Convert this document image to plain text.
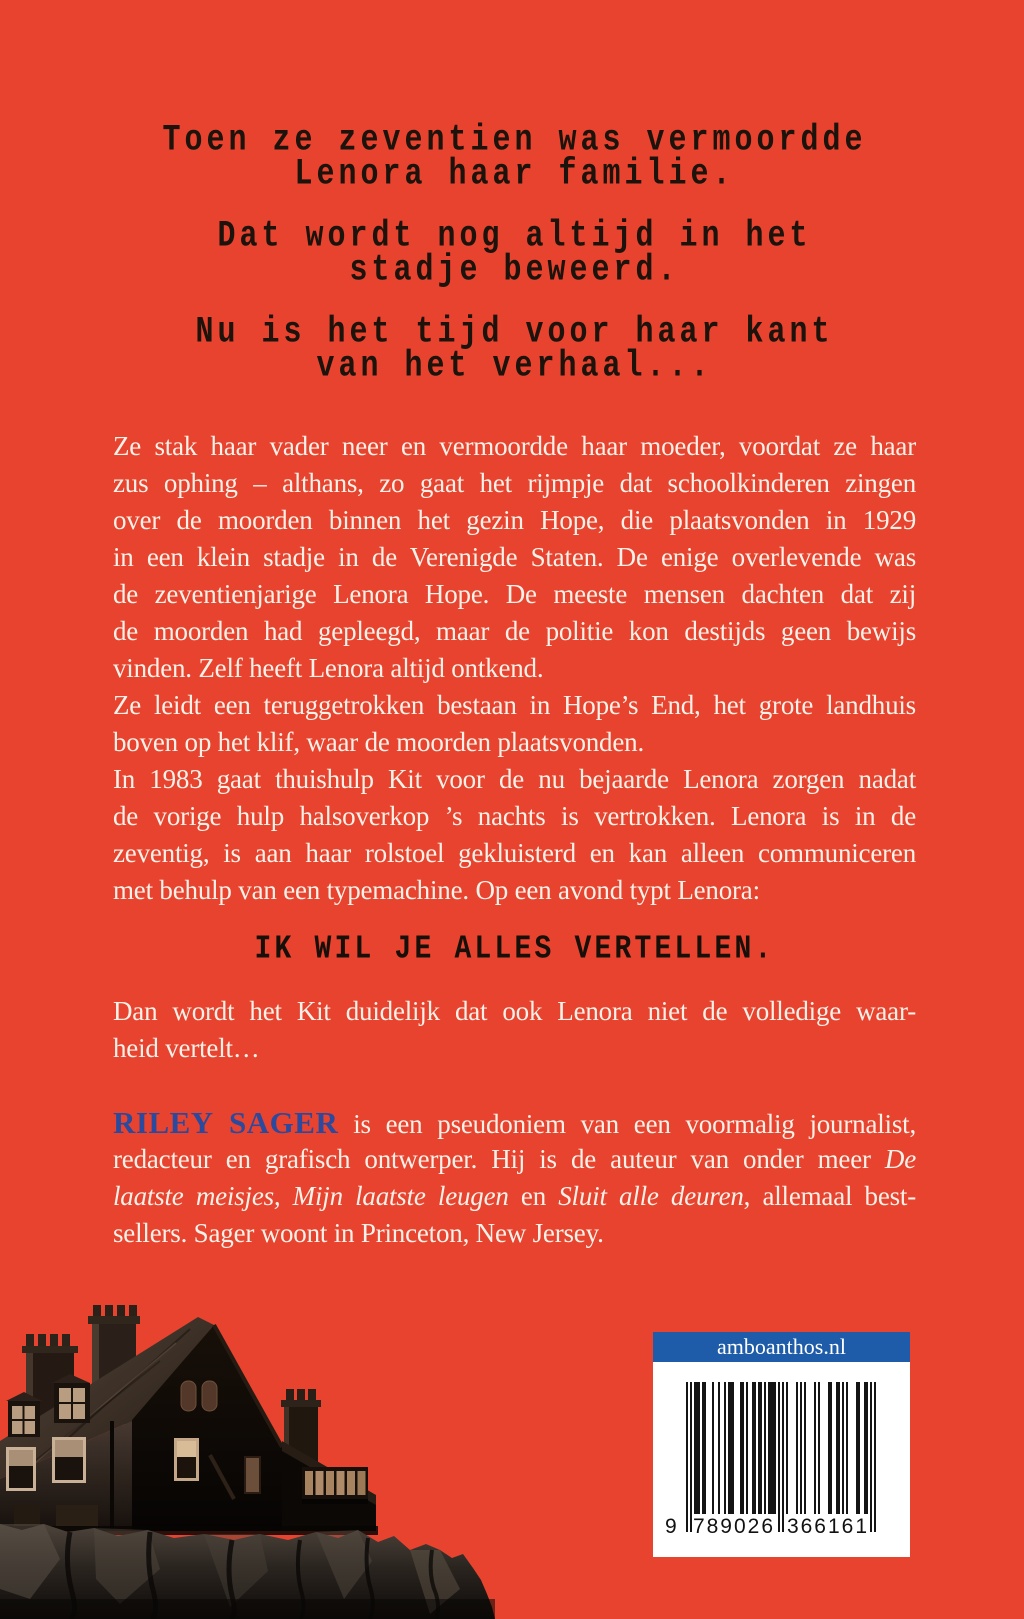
Toen ze zeventien was vermoordde
Lenora haar familie.
Dat wordt nog altijd in het
stadje beweerd.
Nu is het tijd voor haar kant
van het verhaal...
Ze stak haar vader neer en vermoordde haar moeder, voordat ze haar
zus ophing – althans, zo gaat het rijmpje dat schoolkinderen zingen
over de moorden binnen het gezin Hope, die plaatsvonden in 1929
in een klein stadje in de Verenigde Staten. De enige overlevende was
de zeventienjarige Lenora Hope. De meeste mensen dachten dat zij
de moorden had gepleegd, maar de politie kon destijds geen bewijs
vinden. Zelf heeft Lenora altijd ontkend.
Ze leidt een teruggetrokken bestaan in Hope’s End, het grote landhuis
boven op het klif, waar de moorden plaatsvonden.
In 1983 gaat thuishulp Kit voor de nu bejaarde Lenora zorgen nadat
de vorige hulp halsoverkop ’s nachts is vertrokken. Lenora is in de
zeventig, is aan haar rolstoel gekluisterd en kan alleen communiceren
met behulp van een typemachine. Op een avond typt Lenora:
IK WIL JE ALLES VERTELLEN.
Dan wordt het Kit duidelijk dat ook Lenora niet de volledige waar-
heid vertelt…
RILEY SAGER is een pseudoniem van een voormalig journalist,
redacteur en grafisch ontwerper. Hij is de auteur van onder meer De
laatste meisjes, Mijn laatste leugen en Sluit alle deuren, allemaal best-
sellers. Sager woont in Princeton, New Jersey.
amboanthos.nl
9 789026 366161
